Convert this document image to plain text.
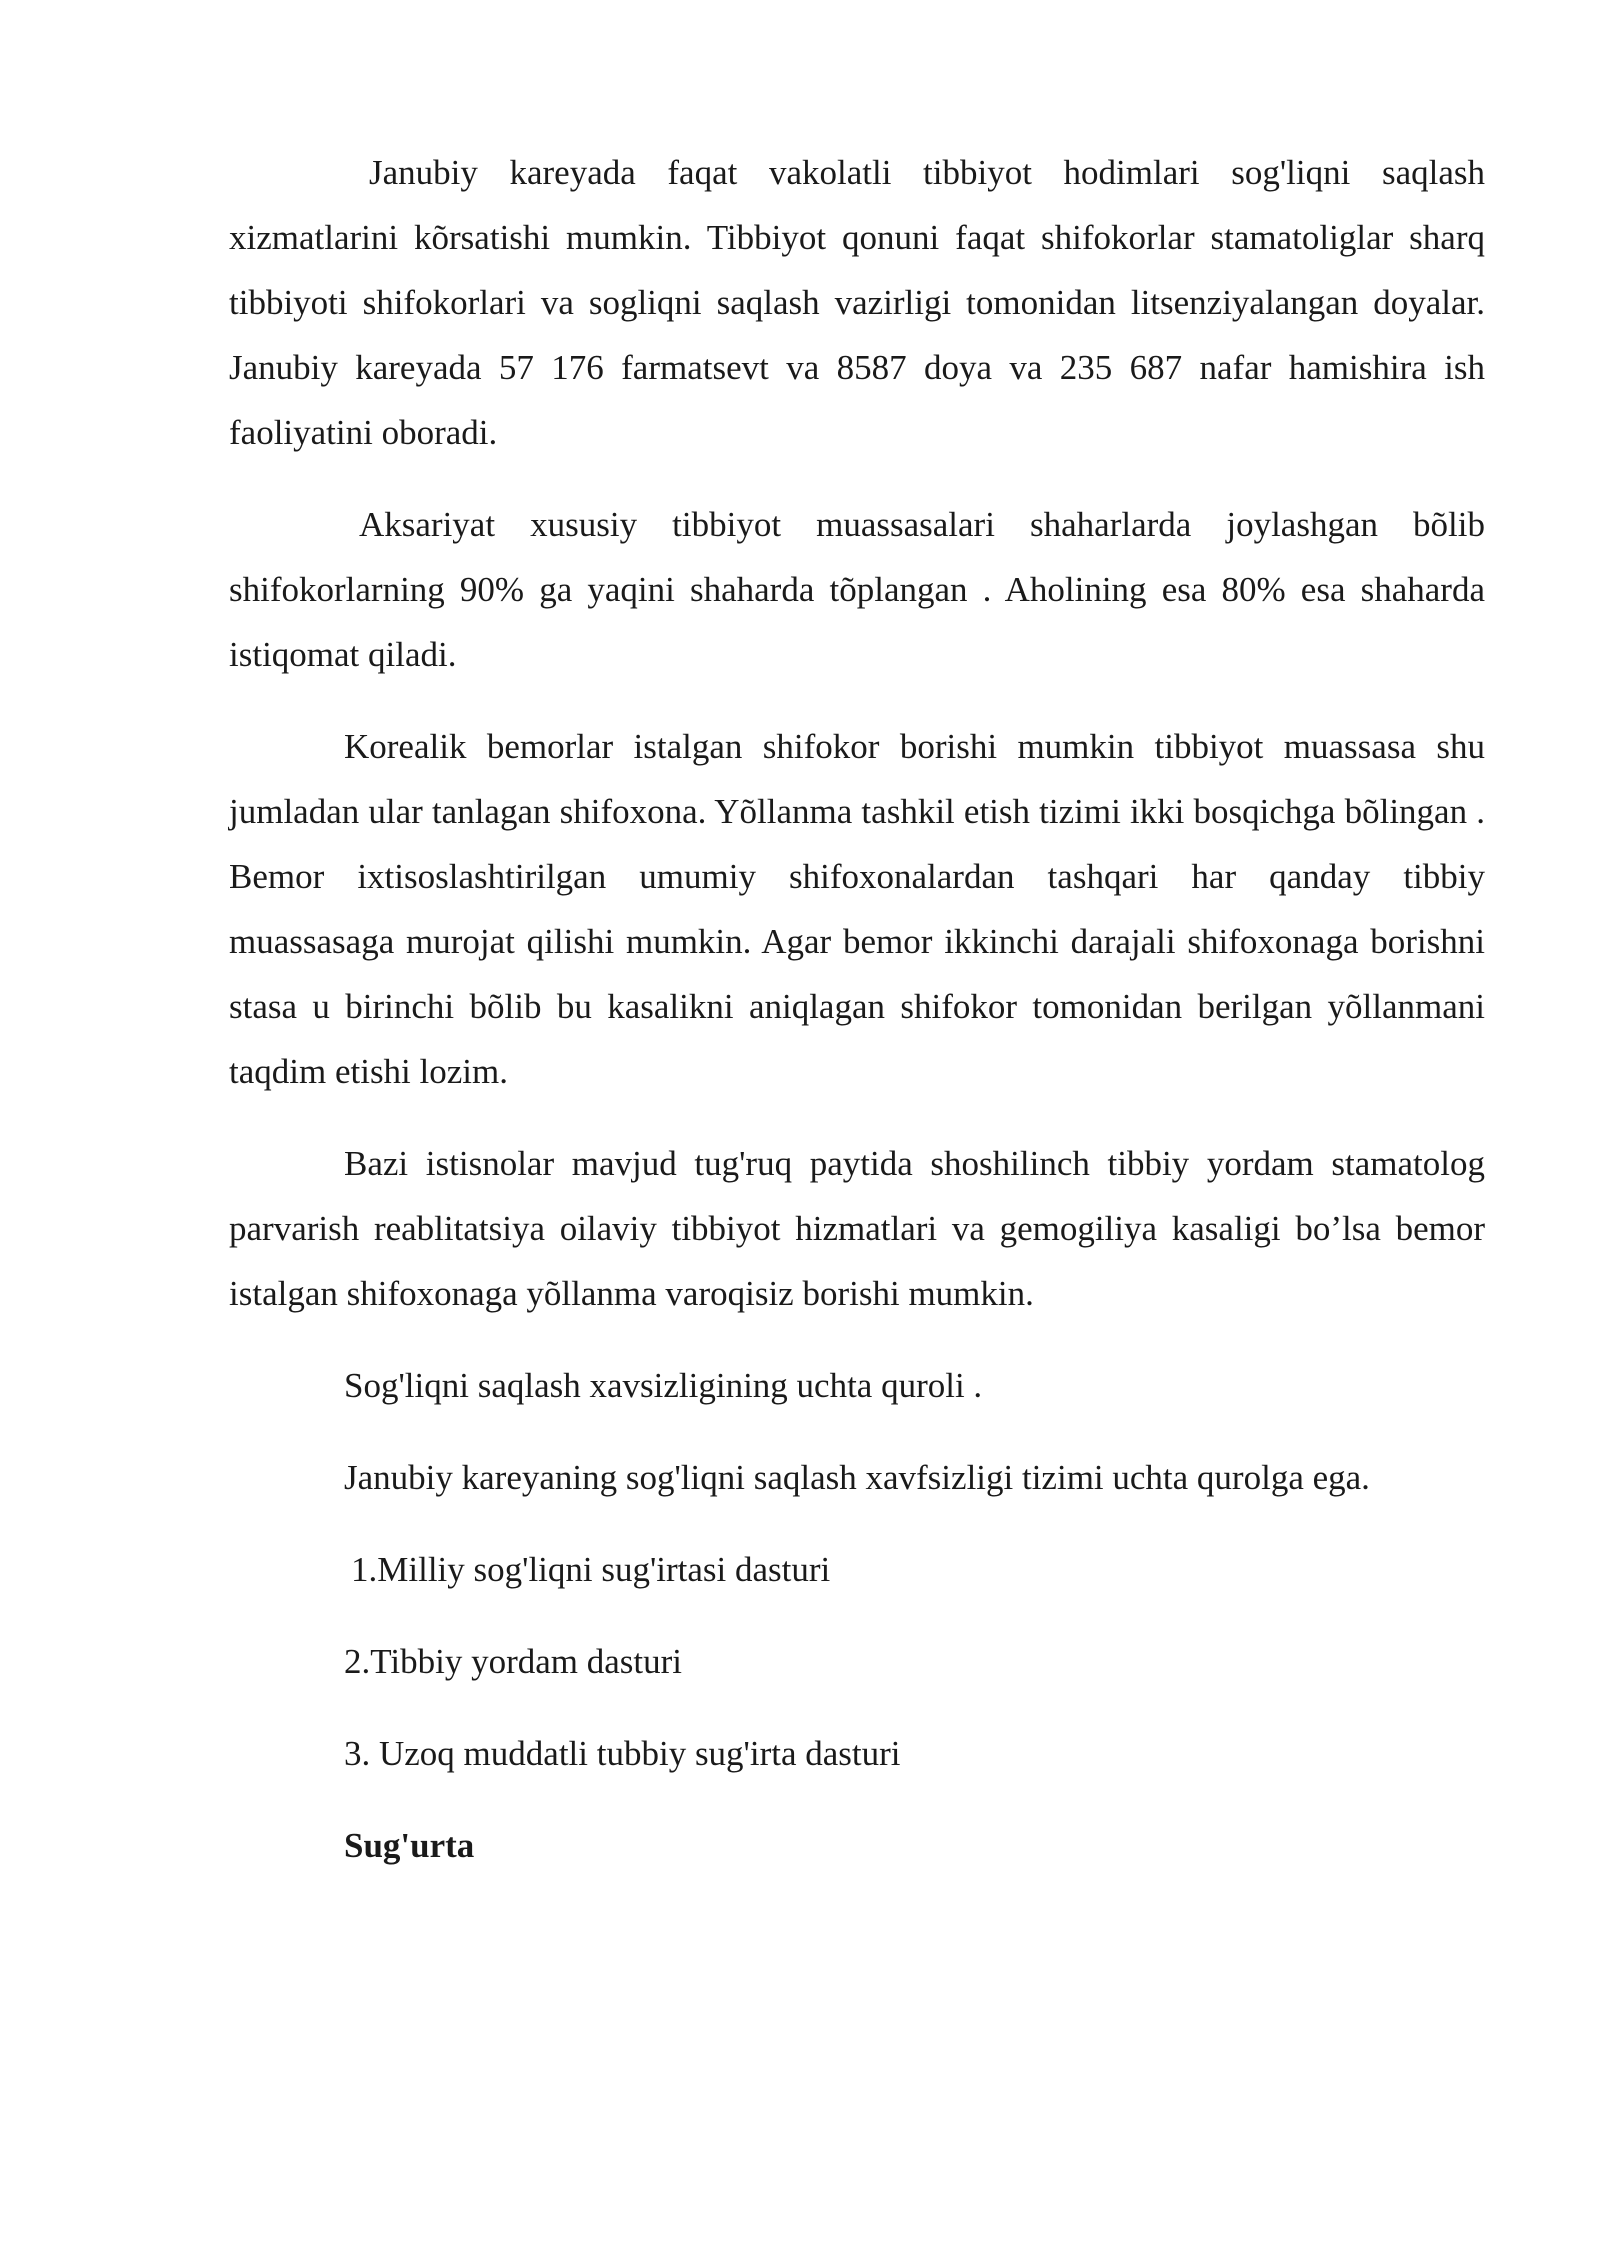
Janubiy kareyada faqat vakolatli tibbiyot hodimlari sog'liqni saqlash xizmatlarini kõrsatishi mumkin. Tibbiyot qonuni faqat shifokorlar stamatoliglar sharq tibbiyoti shifokorlari va sogliqni saqlash vazirligi tomonidan litsenziyalangan doyalar. Janubiy kareyada 57 176 farmatsevt va 8587 doya va 235 687 nafar hamishira ish faoliyatini oboradi.

Aksariyat xususiy tibbiyot muassasalari shaharlarda joylashgan bõlib shifokorlarning 90% ga yaqini shaharda tõplangan . Aholining esa 80% esa shaharda istiqomat qiladi.

Korealik bemorlar istalgan shifokor borishi mumkin tibbiyot muassasa shu jumladan ular tanlagan shifoxona. Yõllanma tashkil etish tizimi ikki bosqichga bõlingan . Bemor ixtisoslashtirilgan umumiy shifoxonalardan tashqari har qanday tibbiy muassasaga murojat qilishi mumkin. Agar bemor ikkinchi darajali shifoxonaga borishni stasa u birinchi bõlib bu kasalikni aniqlagan shifokor tomonidan berilgan yõllanmani taqdim etishi lozim.

Bazi istisnolar mavjud tug'ruq paytida shoshilinch tibbiy yordam stamatolog parvarish reablitatsiya oilaviy tibbiyot hizmatlari va gemogiliya kasaligi bo’lsa bemor istalgan shifoxonaga yõllanma varoqisiz borishi mumkin.

Sog'liqni saqlash xavsizligining uchta quroli .

Janubiy kareyaning sog'liqni saqlash xavfsizligi tizimi uchta qurolga ega.

1.Milliy sog'liqni sug'irtasi dasturi

2.Tibbiy yordam dasturi

3. Uzoq muddatli tubbiy sug'irta dasturi

Sug'urta
